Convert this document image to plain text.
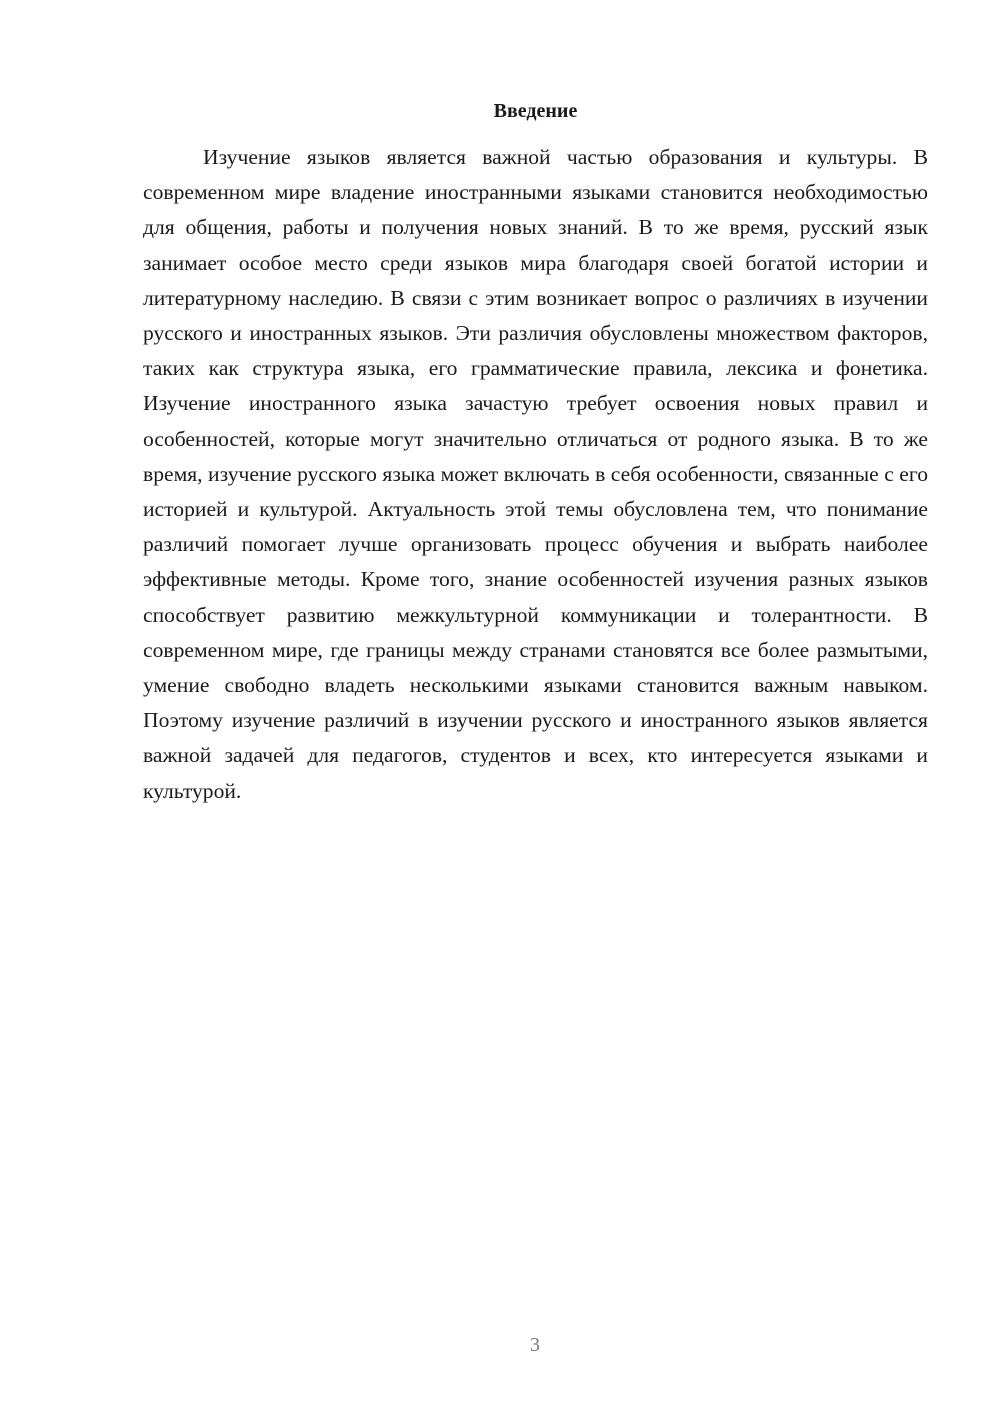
Введение

Изучение языков является важной частью образования и культуры. В современном мире владение иностранными языками становится необходимостью для общения, работы и получения новых знаний. В то же время, русский язык занимает особое место среди языков мира благодаря своей богатой истории и литературному наследию. В связи с этим возникает вопрос о различиях в изучении русского и иностранных языков. Эти различия обусловлены множеством факторов, таких как структура языка, его грамматические правила, лексика и фонетика. Изучение иностранного языка зачастую требует освоения новых правил и особенностей, которые могут значительно отличаться от родного языка. В то же время, изучение русского языка может включать в себя особенности, связанные с его историей и культурой. Актуальность этой темы обусловлена тем, что понимание различий помогает лучше организовать процесс обучения и выбрать наиболее эффективные методы. Кроме того, знание особенностей изучения разных языков способствует развитию межкультурной коммуникации и толерантности. В современном мире, где границы между странами становятся все более размытыми, умение свободно владеть несколькими языками становится важным навыком. Поэтому изучение различий в изучении русского и иностранного языков является важной задачей для педагогов, студентов и всех, кто интересуется языками и культурой.

3
